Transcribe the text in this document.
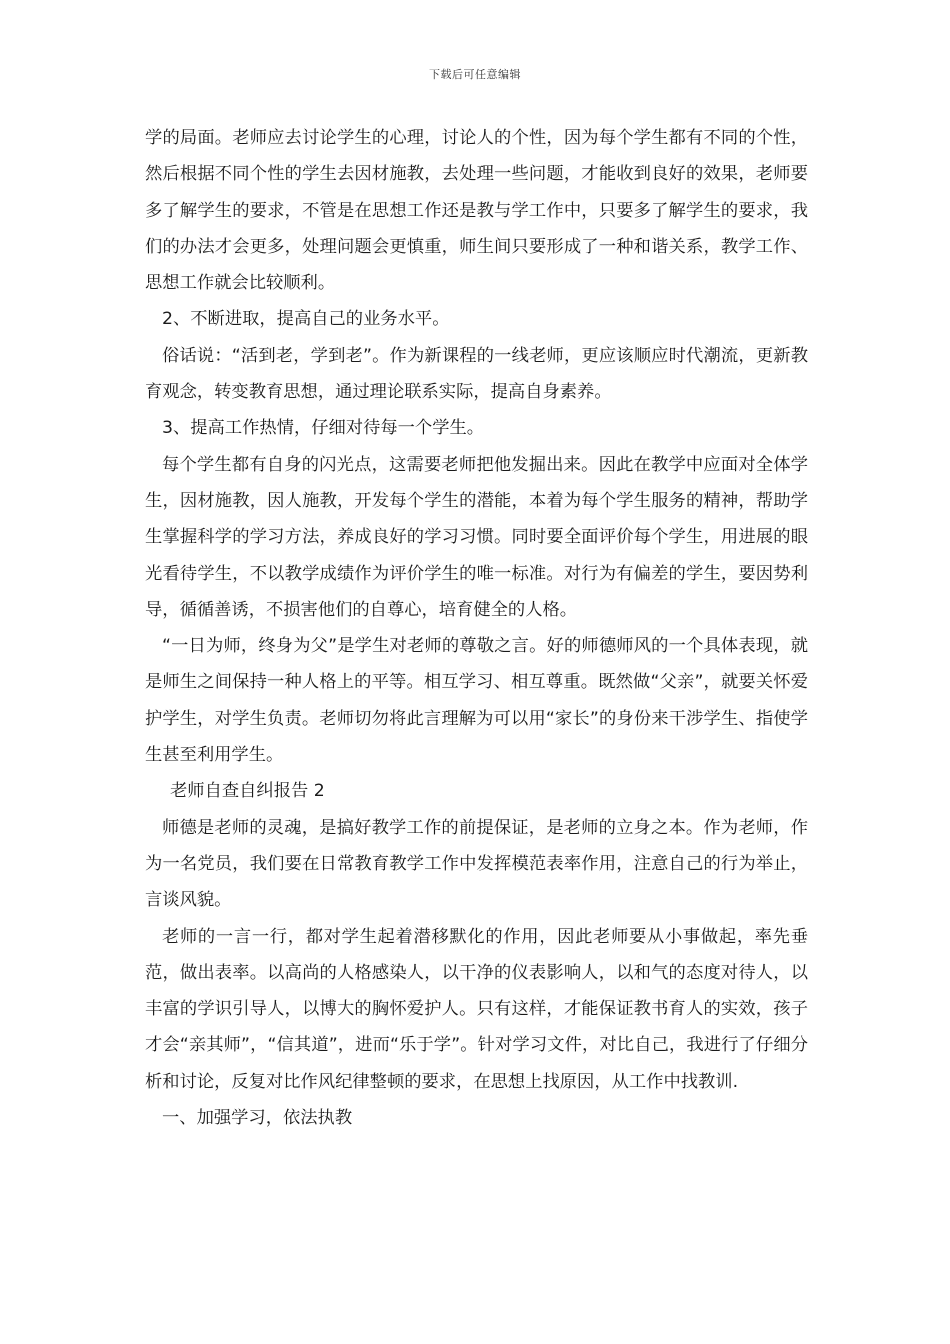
下载后可任意编辑

学的局面。老师应去讨论学生的心理，讨论人的个性，因为每个学生都有不同的个性，然后根据不同个性的学生去因材施教，去处理一些问题，才能收到良好的效果，老师要多了解学生的要求，不管是在思想工作还是教与学工作中，只要多了解学生的要求，我们的办法才会更多，处理问题会更慎重，师生间只要形成了一种和谐关系，教学工作、思想工作就会比较顺利。

2、不断进取，提高自己的业务水平。

俗话说：“活到老，学到老”。作为新课程的一线老师，更应该顺应时代潮流，更新教育观念，转变教育思想，通过理论联系实际，提高自身素养。

3、提高工作热情，仔细对待每一个学生。

每个学生都有自身的闪光点，这需要老师把他发掘出来。因此在教学中应面对全体学生，因材施教，因人施教，开发每个学生的潜能，本着为每个学生服务的精神，帮助学生掌握科学的学习方法，养成良好的学习习惯。同时要全面评价每个学生，用进展的眼光看待学生，不以教学成绩作为评价学生的唯一标准。对行为有偏差的学生，要因势利导，循循善诱，不损害他们的自尊心，培育健全的人格。

“一日为师，终身为父”是学生对老师的尊敬之言。好的师德师风的一个具体表现，就是师生之间保持一种人格上的平等。相互学习、相互尊重。既然做“父亲”，就要关怀爱护学生，对学生负责。老师切勿将此言理解为可以用“家长”的身份来干涉学生、指使学生甚至利用学生。

老师自查自纠报告 2

师德是老师的灵魂，是搞好教学工作的前提保证，是老师的立身之本。作为老师，作为一名党员，我们要在日常教育教学工作中发挥模范表率作用，注意自己的行为举止，言谈风貌。

老师的一言一行，都对学生起着潜移默化的作用，因此老师要从小事做起，率先垂范，做出表率。以高尚的人格感染人，以干净的仪表影响人，以和气的态度对待人，以丰富的学识引导人，以博大的胸怀爱护人。只有这样，才能保证教书育人的实效，孩子才会“亲其师”，“信其道”，进而“乐于学”。针对学习文件，对比自己，我进行了仔细分析和讨论，反复对比作风纪律整顿的要求，在思想上找原因，从工作中找教训.

一、加强学习，依法执教
